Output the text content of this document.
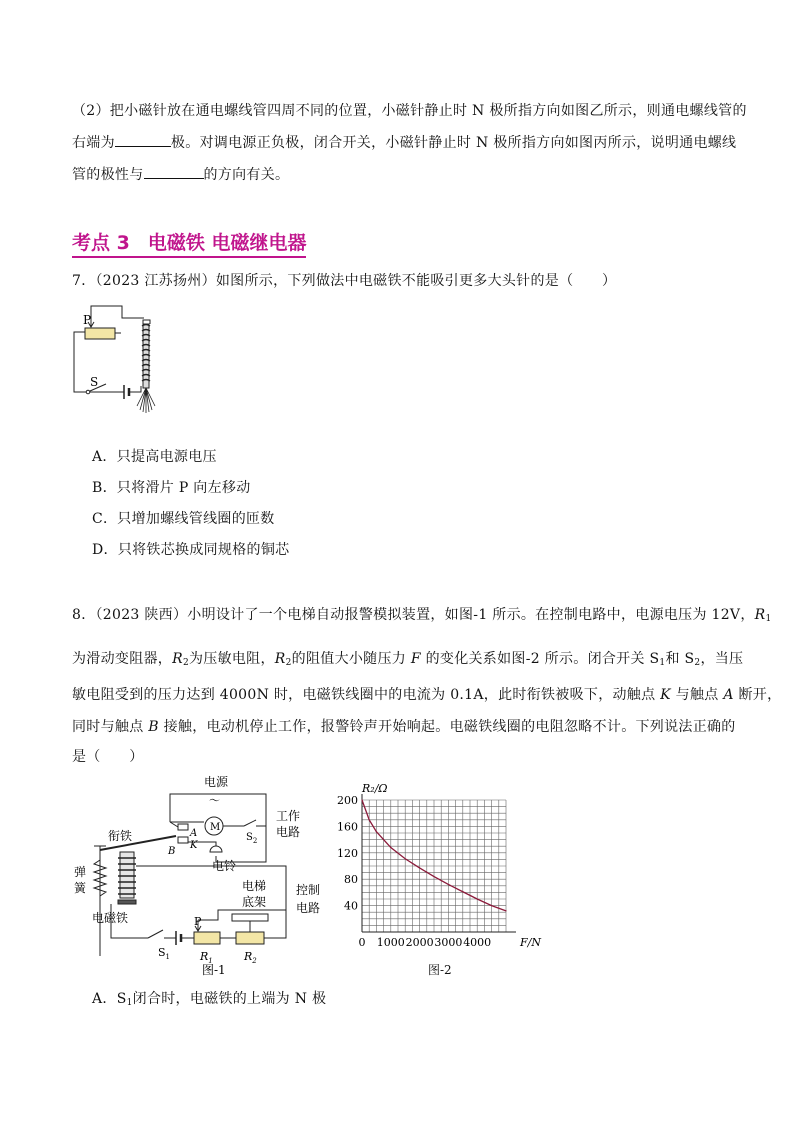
（2）把小磁针放在通电螺线管四周不同的位置，小磁针静止时 N 极所指方向如图乙所示，则通电螺线管的
右端为	极。对调电源正负极，闭合开关，小磁针静止时 N 极所指方向如图丙所示，说明通电螺线
管的极性与	的方向有关。
考点 3 电磁铁 电磁继电器
7．（2023 江苏扬州）如图所示，下列做法中电磁铁不能吸引更多大头针的是（　　）
P
S
A．只提高电源电压
B．只将滑片 P 向左移动
C．只增加螺线管线圈的匝数
D．只将铁芯换成同规格的铜芯
8．（2023 陕西）小明设计了一个电梯自动报警模拟装置，如图-1 所示。在控制电路中，电源电压为 12V，$R_1$
为滑动变阻器，$R_2$为压敏电阻，$R_2$的阻值大小随压力 F 的变化关系如图-2 所示。闭合开关 $S_1$和 $S_2$，当压
敏电阻受到的压力达到 4000N 时，电磁铁线圈中的电流为 0.1A，此时衔铁被吸下，动触点 K 与触点 A 断开，
同时与触点 B 接触，电动机停止工作，报警铃声开始响起。电磁铁线圈的电阻忽略不计。下列说法正确的
是（　　）
电源
～
衔铁	A
K
B
M
$S_2$
工作
电路
电铃
弹
簧	电梯
底架
控制
电路
电磁铁	P
$S_1$	$R_1$	$R_2$
图-1
0 1000 2000 3000 4000
40
80
120
160
200
R₂/Ω
F/N
图-2
A．$S_1$闭合时，电磁铁的上端为 N 极
